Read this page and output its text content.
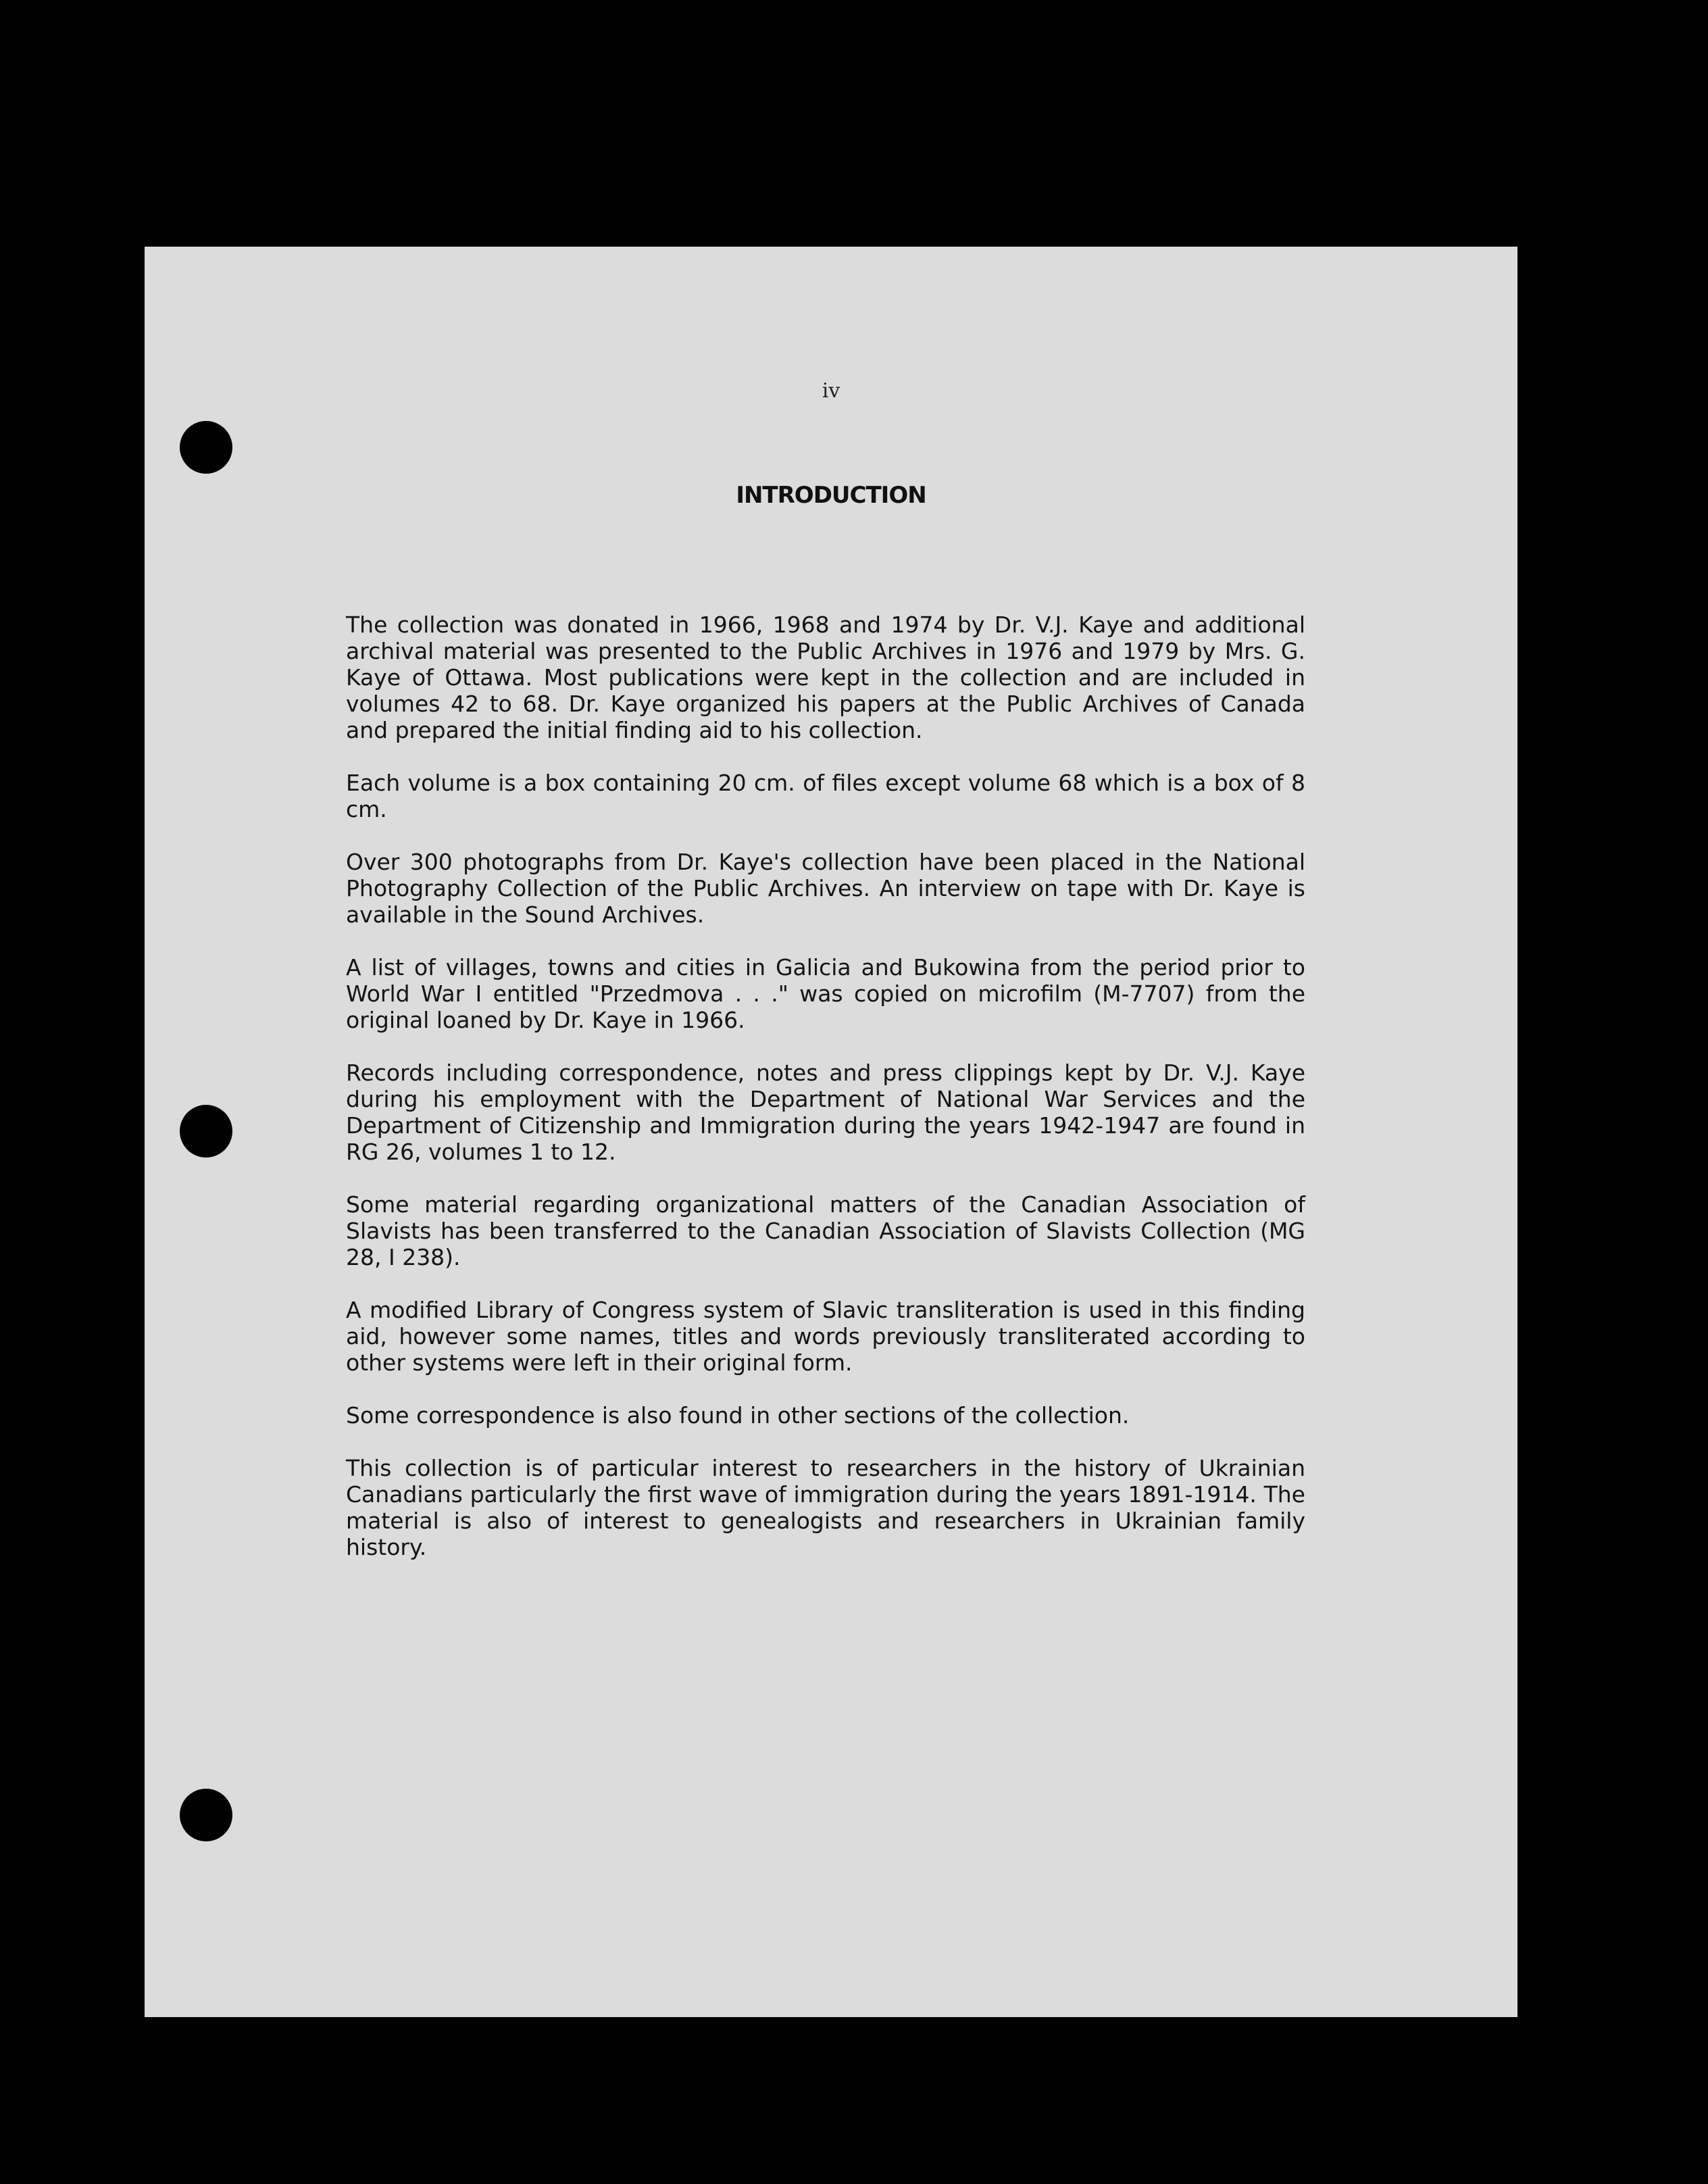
iv
INTRODUCTION

The collection was donated in 1966, 1968 and 1974 by Dr. V.J. Kaye and additional archival material was presented to the Public Archives in 1976 and 1979 by Mrs. G. Kaye of Ottawa. Most publications were kept in the collection and are included in volumes 42 to 68. Dr. Kaye organized his papers at the Public Archives of Canada and prepared the initial finding aid to his collection.

Each volume is a box containing 20 cm. of files except volume 68 which is a box of 8 cm.

Over 300 photographs from Dr. Kaye's collection have been placed in the National Photography Collection of the Public Archives. An interview on tape with Dr. Kaye is available in the Sound Archives.

A list of villages, towns and cities in Galicia and Bukowina from the period prior to World War I entitled "Przedmova . . ." was copied on microfilm (M-7707) from the original loaned by Dr. Kaye in 1966.

Records including correspondence, notes and press clippings kept by Dr. V.J. Kaye during his employment with the Department of National War Services and the Department of Citizenship and Immigration during the years 1942-1947 are found in RG 26, volumes 1 to 12.

Some material regarding organizational matters of the Canadian Association of Slavists has been transferred to the Canadian Association of Slavists Collection (MG 28, I 238).

A modified Library of Congress system of Slavic transliteration is used in this finding aid, however some names, titles and words previously transliterated according to other systems were left in their original form.

Some correspondence is also found in other sections of the collection.

This collection is of particular interest to researchers in the history of Ukrainian Canadians particularly the first wave of immigration during the years 1891-1914. The material is also of interest to genealogists and researchers in Ukrainian family history.
